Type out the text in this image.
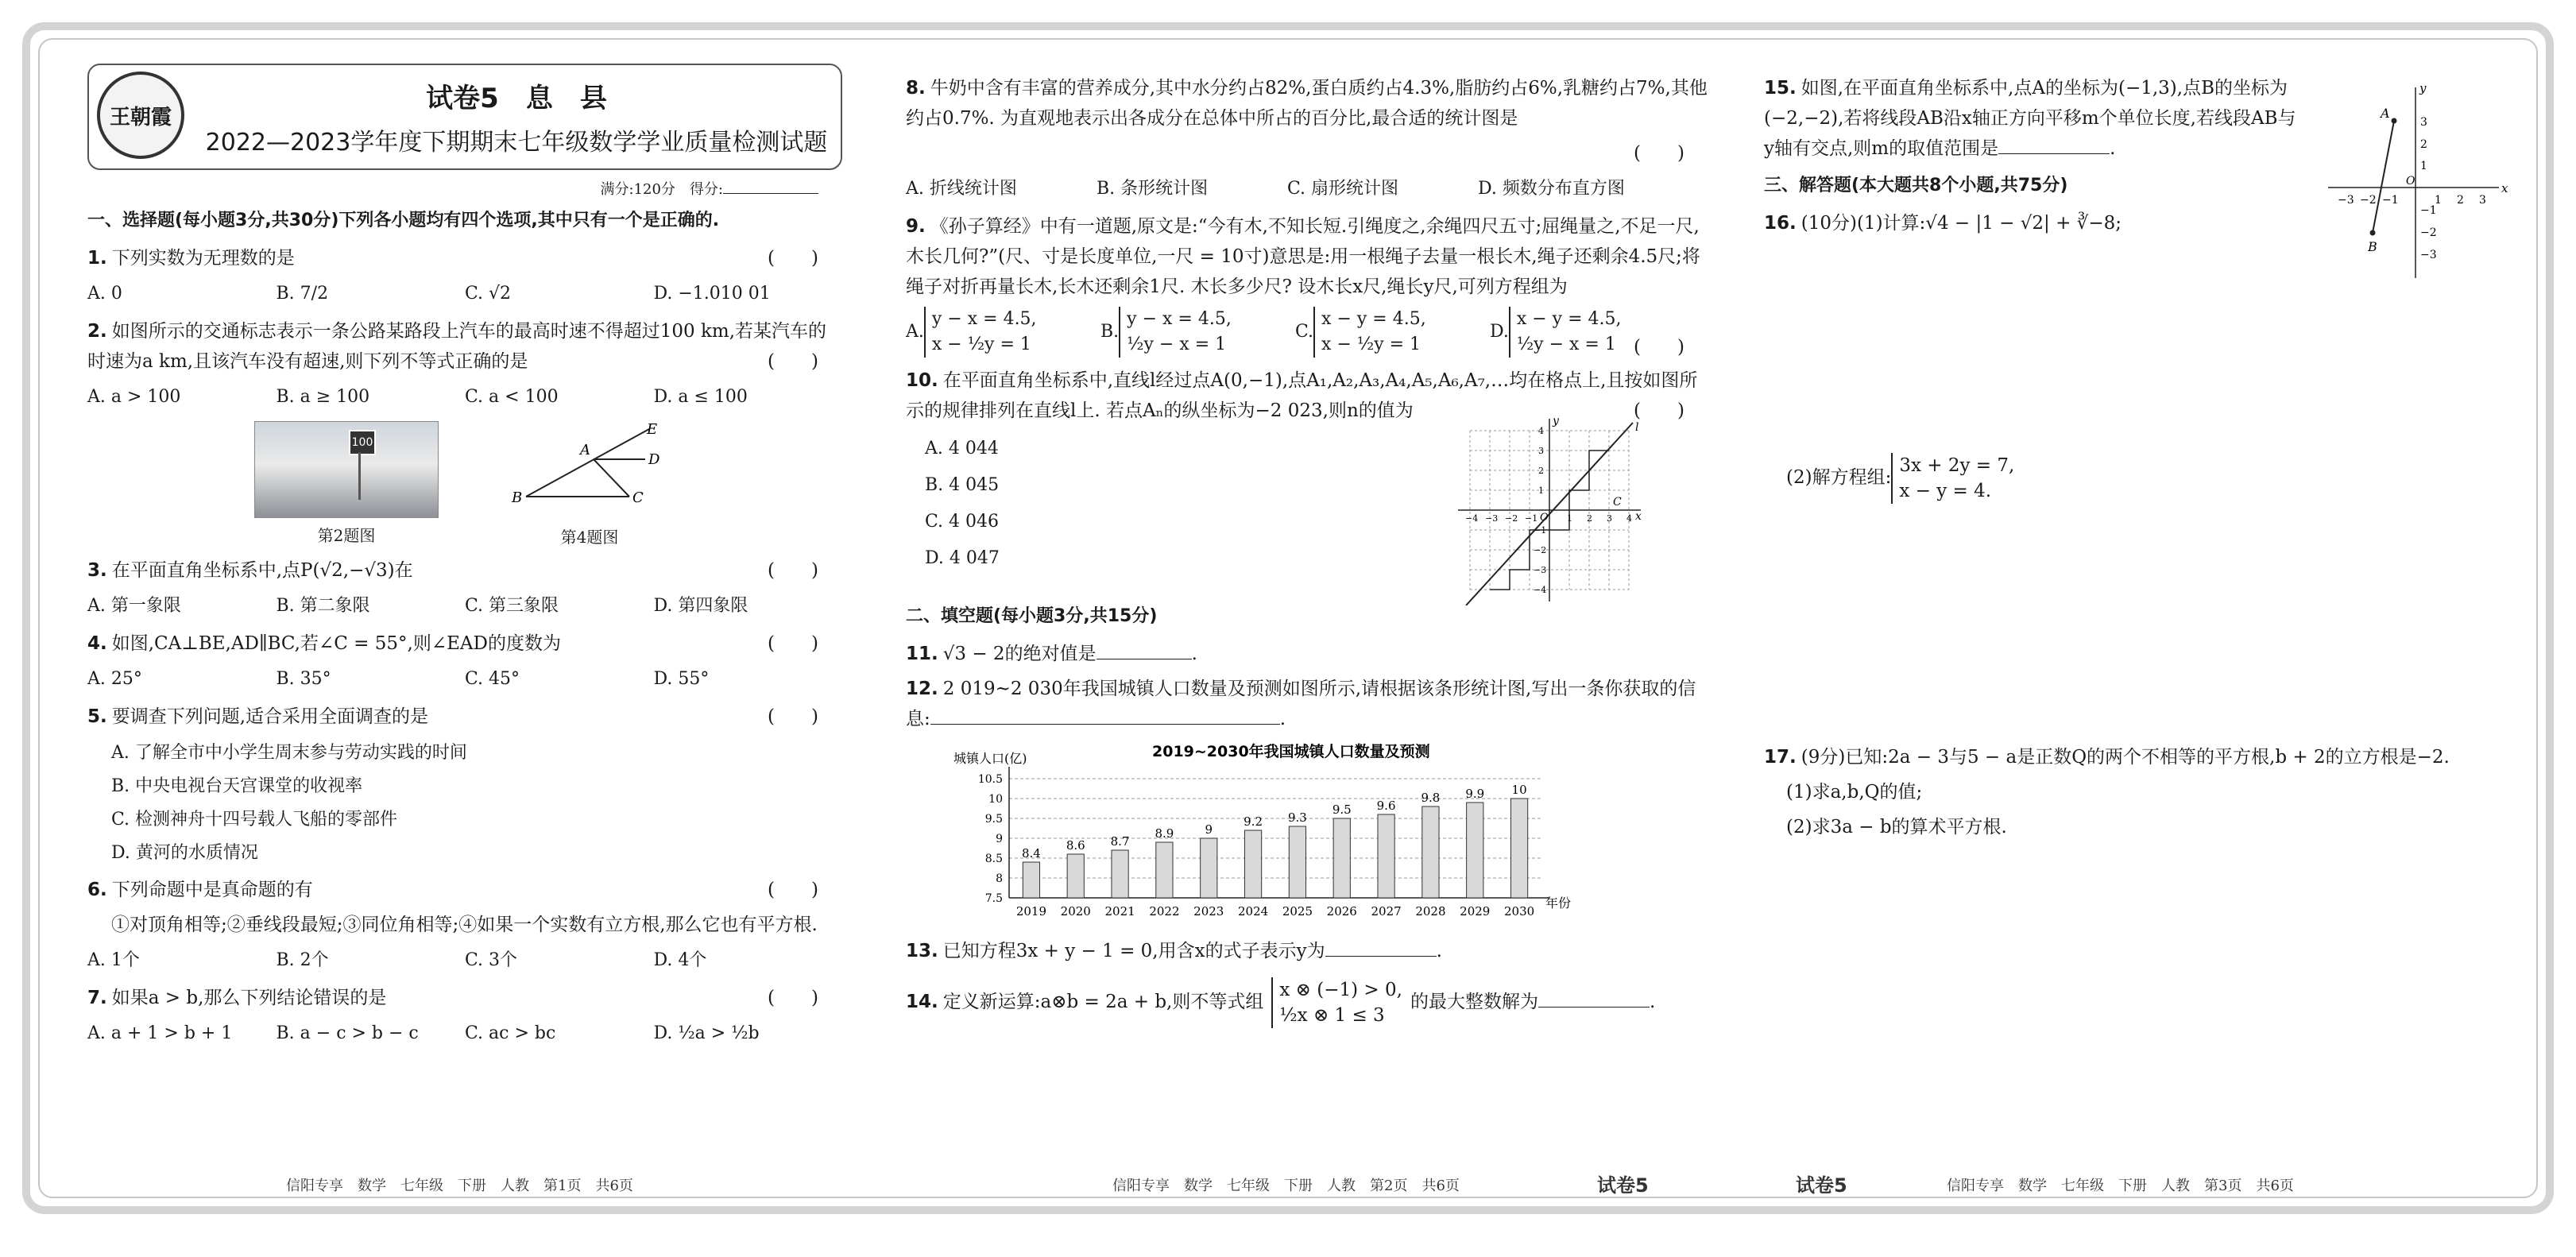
王朝霞
试卷5　息　县
2022—2023学年度下期期末七年级数学学业质量检测试题
满分:120分　得分:
一、选择题(每小题3分,共30分)下列各小题均有四个选项,其中只有一个是正确的.
1. 下列实数为无理数的是	(　　)
A. 0	B. 7/2	C. √2	D. −1.010 01
2. 如图所示的交通标志表示一条公路某路段上汽车的最高时速不得超过100 km,若某汽车的时速为a km,且该汽车没有超速,则下列不等式正确的是	(　　)
A. a > 100	B. a ≥ 100	C. a < 100	D. a ≤ 100
100
第2题图
A
E
D
B	C
第4题图
3. 在平面直角坐标系中,点P(√2,−√3)在	(　　)
A. 第一象限	B. 第二象限	C. 第三象限	D. 第四象限
4. 如图,CA⊥BE,AD∥BC,若∠C = 55°,则∠EAD的度数为	(　　)
A. 25°	B. 35°	C. 45°	D. 55°
5. 要调查下列问题,适合采用全面调查的是	(　　)
A. 了解全市中小学生周末参与劳动实践的时间
B. 中央电视台天宫课堂的收视率
C. 检测神舟十四号载人飞船的零部件
D. 黄河的水质情况
6. 下列命题中是真命题的有	(　　)
①对顶角相等;②垂线段最短;③同位角相等;④如果一个实数有立方根,那么它也有平方根.
A. 1个	B. 2个	C. 3个	D. 4个
7. 如果a > b,那么下列结论错误的是	(　　)
A. a + 1 > b + 1	B. a − c > b − c	C. ac > bc	D. ½a > ½b
信阳专享　数学　七年级　下册　人教　第1页　共6页
8. 牛奶中含有丰富的营养成分,其中水分约占82%,蛋白质约占4.3%,脂肪约占6%,乳糖约占7%,其他约占0.7%. 为直观地表示出各成分在总体中所占的百分比,最合适的统计图是
(　　)
A. 折线统计图	B. 条形统计图	C. 扇形统计图	D. 频数分布直方图
9. 《孙子算经》中有一道题,原文是:“今有木,不知长短.引绳度之,余绳四尺五寸;屈绳量之,不足一尺,木长几何?”(尺、寸是长度单位,一尺 = 10寸)意思是:用一根绳子去量一根长木,绳子还剩余4.5尺;将绳子对折再量长木,长木还剩余1尺. 木长多少尺? 设木长x尺,绳长y尺,可列方程组为
(　　)
A.
y − x = 4.5,
x − ½y = 1
B.
y − x = 4.5,
½y − x = 1
C.
x − y = 4.5,
x − ½y = 1
D.
x − y = 4.5,
½y − x = 1
10. 在平面直角坐标系中,直线l经过点A(0,−1),点A₁,A₂,A₃,A₄,A₅,A₆,A₇,…均在格点上,且按如图所示的规律排列在直线l上. 若点Aₙ的纵坐标为−2 023,则n的值为	(　　)
A. 4 044
B. 4 045
C. 4 046
D. 4 047
x
y
O
l
C
−4 −3 −2 −1	1 2 3 4
4
3
2
1
−1
−2
−3
−4
二、填空题(每小题3分,共15分)
11. √3 − 2的绝对值是	.
12. 2 019~2 030年我国城镇人口数量及预测如图所示,请根据该条形统计图,写出一条你获取的信息:	.
2019~2030年我国城镇人口数量及预测
城镇人口(亿)
年份
7.5
8
8.5
9
9.5
10
10.5
8.4
2019
8.6
2020
8.7
2021
8.9
2022
9
2023
9.2
2024
9.3
2025
9.5
2026
9.6
2027
9.8
2028
9.9
2029
10
2030
13. 已知方程3x + y − 1 = 0,用含x的式子表示y为	.
14. 定义新运算:a⊗b = 2a + b,则不等式组
x ⊗ (−1) > 0,
½x ⊗ 1 ≤ 3
的最大整数解为	.
信阳专享　数学　七年级　下册　人教　第2页　共6页	试卷5	试卷5	信阳专享　数学　七年级　下册　人教　第3页　共6页
15. 如图,在平面直角坐标系中,点A的坐标为(−1,3),点B的坐标为(−2,−2),若将线段AB沿x轴正方向平移m个单位长度,若线段AB与y轴有交点,则m的取值范围是	.
A
B
x
y
O
−3 −2 −1	1 2 3
3
2
1
−1
−2
−3
三、解答题(本大题共8个小题,共75分)
16. (10分)(1)计算:√4 − |1 − √2| + ∛−8;
(2)解方程组:
3x + 2y = 7,
x − y = 4.
17. (9分)已知:2a − 3与5 − a是正数Q的两个不相等的平方根,b + 2的立方根是−2.
(1)求a,b,Q的值;
(2)求3a − b的算术平方根.
